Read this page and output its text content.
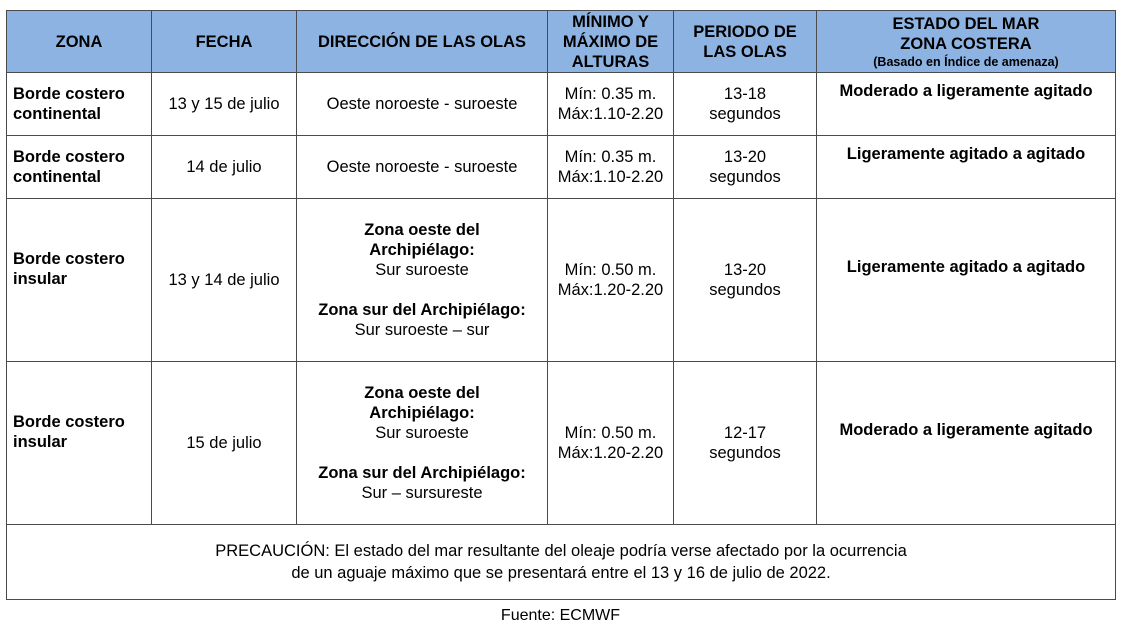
ZONA	FECHA	DIRECCIÓN DE LAS OLAS	MÍNIMO Y
MÁXIMO DE
ALTURAS	PERIODO DE
LAS OLAS	ESTADO DEL MAR
ZONA COSTERA
(Basado en Índice de amenaza)

Borde costero
continental	13 y 15 de julio	Oeste noroeste - suroeste	Mín: 0.35 m.
Máx:1.10-2.20	13-18
segundos	Moderado a ligeramente agitado

Borde costero
continental	14 de julio	Oeste noroeste - suroeste	Mín: 0.35 m.
Máx:1.10-2.20	13-20
segundos	Ligeramente agitado a agitado

Borde costero
insular	13 y 14 de julio	Zona oeste del
Archipiélago:
Sur suroeste
Zona sur del Archipiélago:
Sur suroeste – sur	Mín: 0.50 m.
Máx:1.20-2.20	13-20
segundos	Ligeramente agitado a agitado

Borde costero
insular	15 de julio	Zona oeste del
Archipiélago:
Sur suroeste
Zona sur del Archipiélago:
Sur – sursureste	Mín: 0.50 m.
Máx:1.20-2.20	12-17
segundos	Moderado a ligeramente agitado

PRECAUCIÓN: El estado del mar resultante del oleaje podría verse afectado por la ocurrencia
de un aguaje máximo que se presentará entre el 13 y 16 de julio de 2022.					
Fuente: ECMWF
